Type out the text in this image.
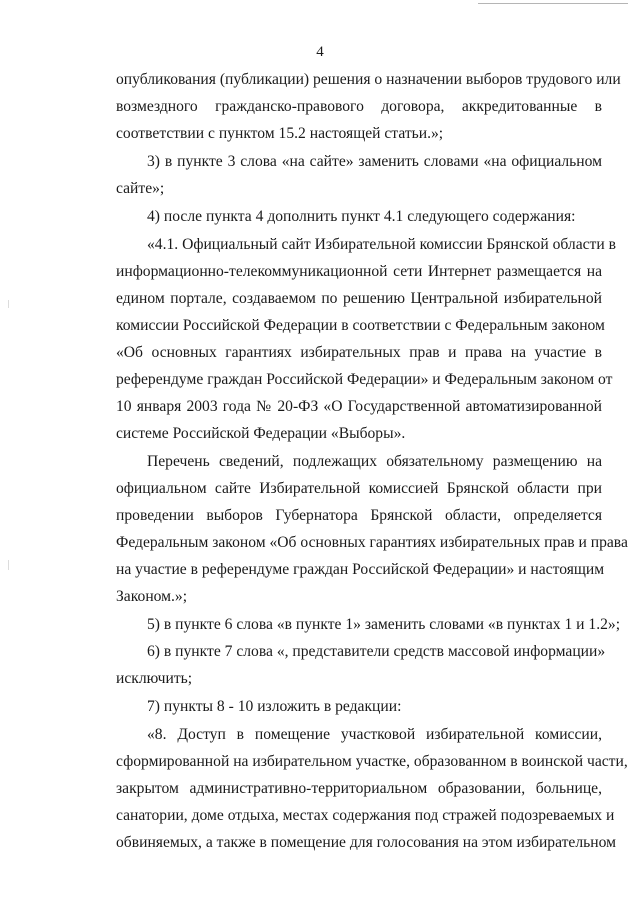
4
опубликования (публикации) решения о назначении выборов трудового или
возмездного гражданско-правового договора, аккредитованные в
соответствии с пунктом 15.2 настоящей статьи.»;
3) в пункте 3 слова «на сайте» заменить словами «на официальном
сайте»;
4) после пункта 4 дополнить пункт 4.1 следующего содержания:
«4.1. Официальный сайт Избирательной комиссии Брянской области в
информационно-телекоммуникационной сети Интернет размещается на
едином портале, создаваемом по решению Центральной избирательной
комиссии Российской Федерации в соответствии с Федеральным законом
«Об основных гарантиях избирательных прав и права на участие в
референдуме граждан Российской Федерации» и Федеральным законом от
10 января 2003 года № 20-ФЗ «О Государственной автоматизированной
системе Российской Федерации «Выборы».
Перечень сведений, подлежащих обязательному размещению на
официальном сайте Избирательной комиссией Брянской области при
проведении выборов Губернатора Брянской области, определяется
Федеральным законом «Об основных гарантиях избирательных прав и права
на участие в референдуме граждан Российской Федерации» и настоящим
Законом.»;
5) в пункте 6 слова «в пункте 1» заменить словами «в пунктах 1 и 1.2»;
6) в пункте 7 слова «, представители средств массовой информации»
исключить;
7) пункты 8 - 10 изложить в редакции:
«8. Доступ в помещение участковой избирательной комиссии,
сформированной на избирательном участке, образованном в воинской части,
закрытом административно-территориальном образовании, больнице,
санатории, доме отдыха, местах содержания под стражей подозреваемых и
обвиняемых, а также в помещение для голосования на этом избирательном
